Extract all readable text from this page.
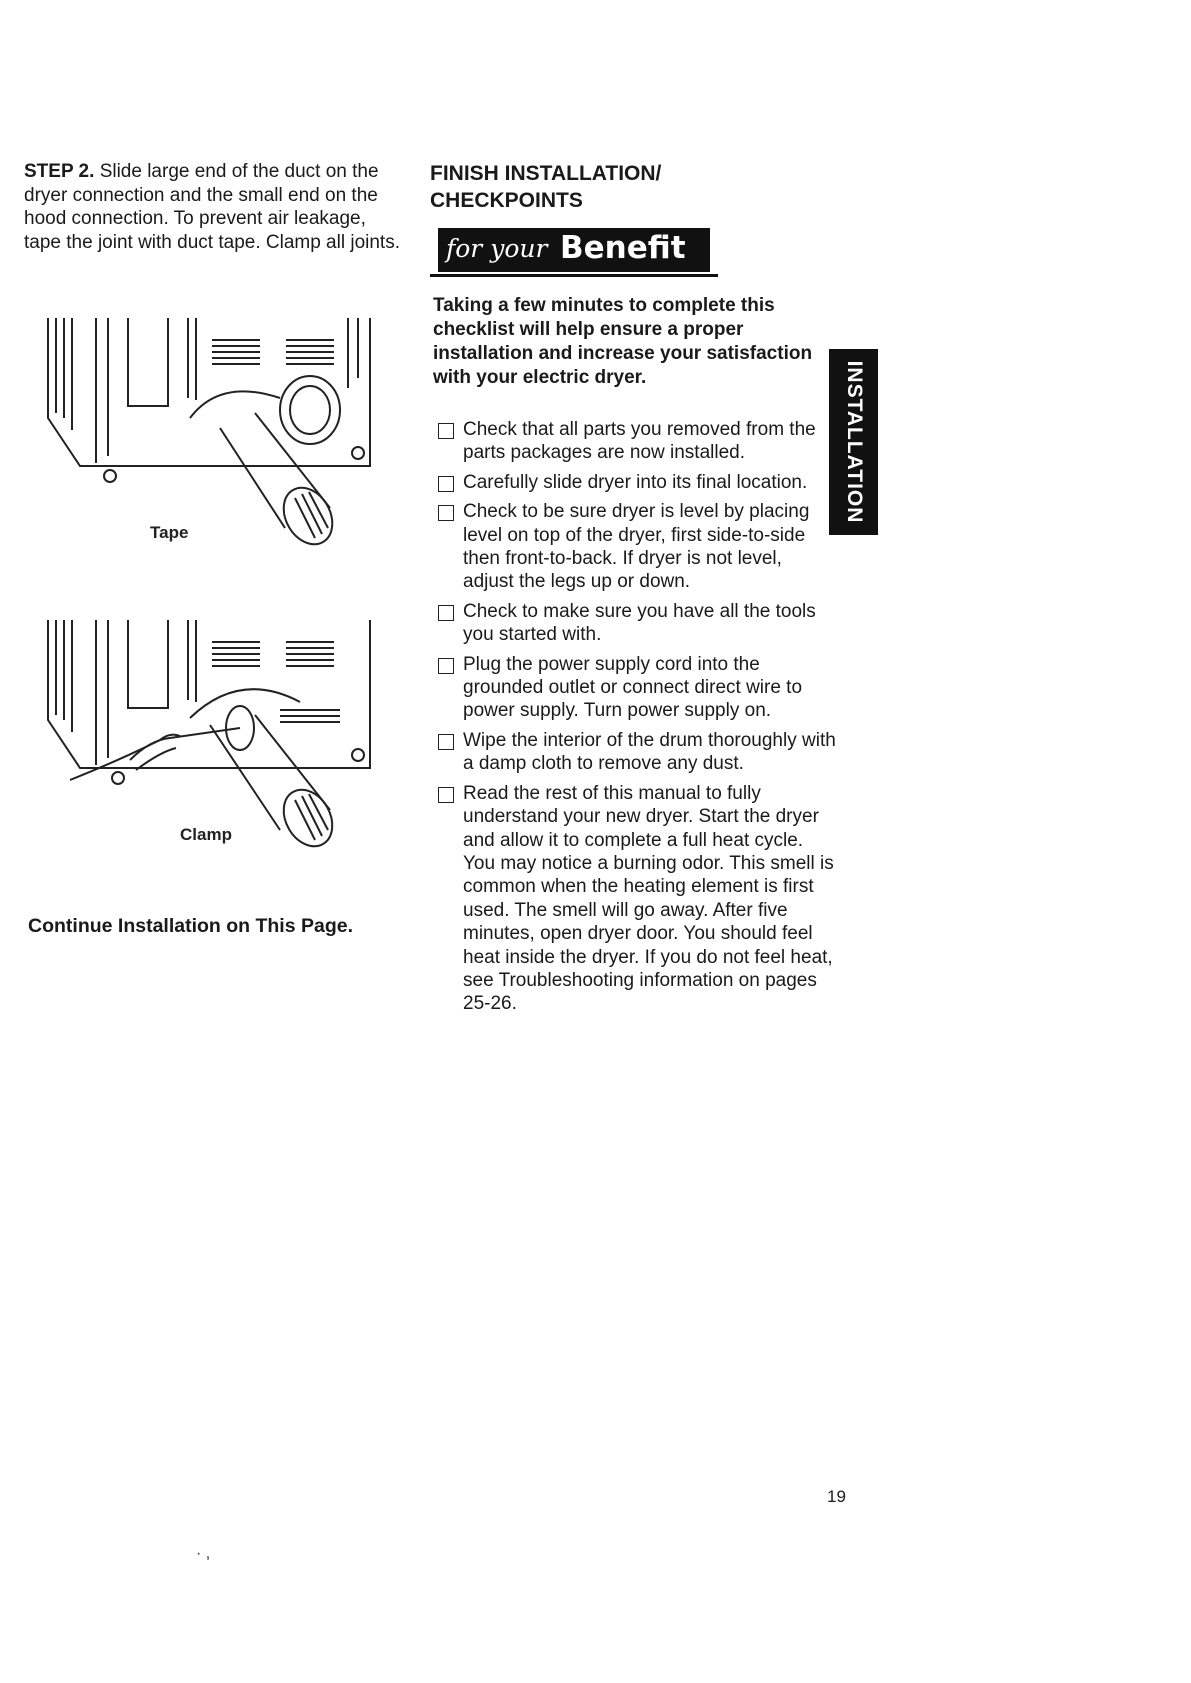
STEP 2. Slide large end of the duct on the dryer connection and the small end on the hood connection. To prevent air leakage, tape the joint with duct tape. Clamp all joints.
Tape
Clamp
Continue Installation on This Page.
FINISH INSTALLATION/
CHECKPOINTS
for your Benefit
Taking a few minutes to complete this checklist will help ensure a proper installation and increase your satisfaction with your electric dryer.
Check that all parts you removed from the parts packages are now installed.
Carefully slide dryer into its final location.
Check to be sure dryer is level by placing level on top of the dryer, first side-to-side then front-to-back. If dryer is not level, adjust the legs up or down.
Check to make sure you have all the tools you started with.
Plug the power supply cord into the grounded outlet or connect direct wire to power supply. Turn power supply on.
Wipe the interior of the drum thoroughly with a damp cloth to remove any dust.
Read the rest of this manual to fully understand your new dryer. Start the dryer and allow it to complete a full heat cycle. You may notice a burning odor. This smell is common when the heating element is first used. The smell will go away. After five minutes, open dryer door. You should feel heat inside the dryer. If you do not feel heat, see Troubleshooting information on pages 25-26.
INSTALLATION
19
· ,
